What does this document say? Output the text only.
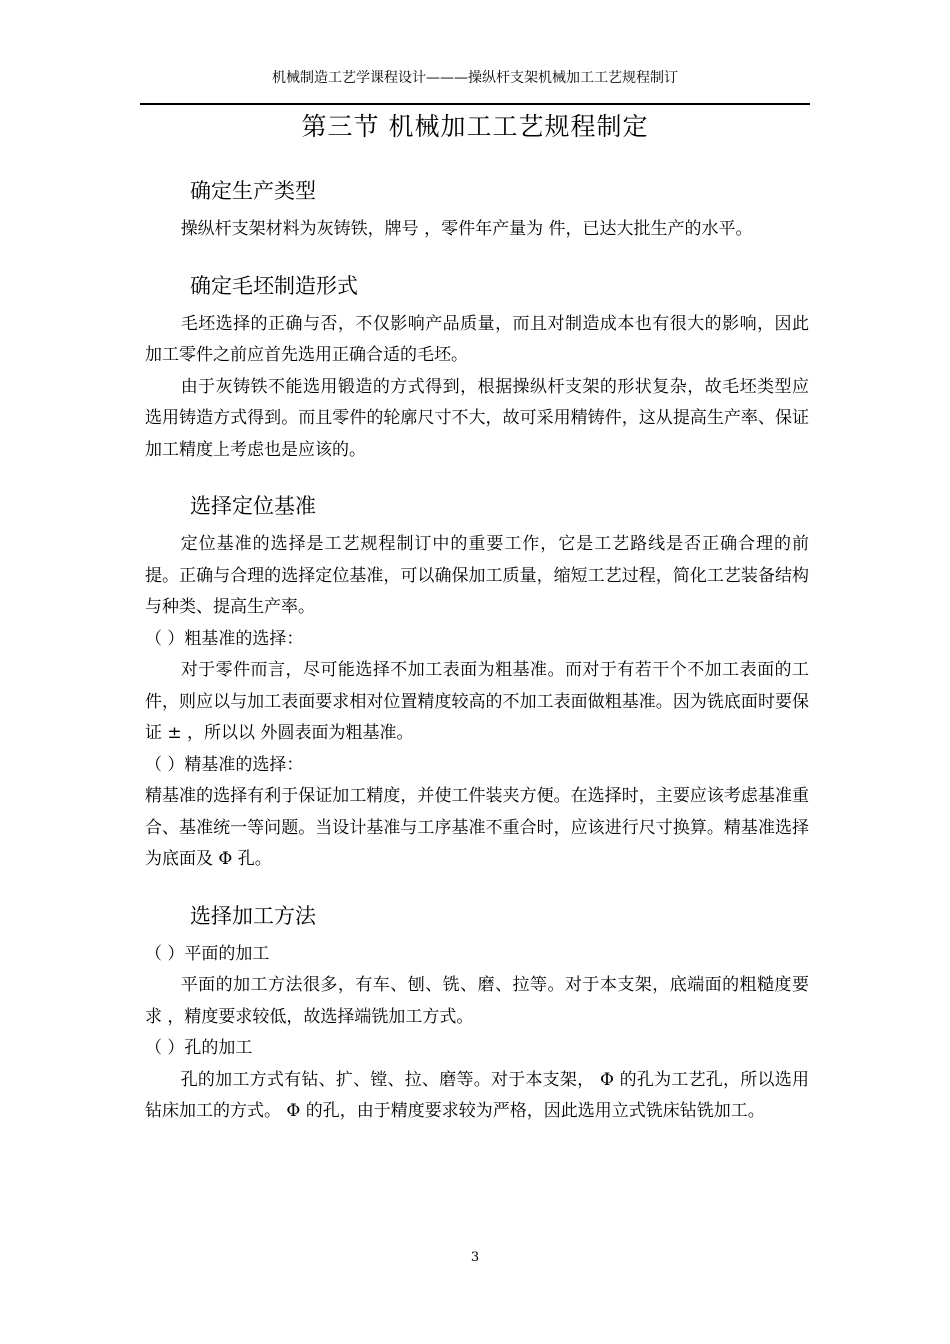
机械制造工艺学课程设计———操纵杆支架机械加工工艺规程制订
第三节 机械加工工艺规程制定
确定生产类型

操纵杆支架材料为灰铸铁，牌号 ，零件年产量为 件，已达大批生产的水平。

确定毛坯制造形式

毛坯选择的正确与否，不仅影响产品质量，而且对制造成本也有很大的影响，因此加工零件之前应首先选用正确合适的毛坯。

由于灰铸铁不能选用锻造的方式得到，根据操纵杆支架的形状复杂，故毛坯类型应选用铸造方式得到。而且零件的轮廓尺寸不大，故可采用精铸件，这从提高生产率、保证加工精度上考虑也是应该的。

选择定位基准

定位基准的选择是工艺规程制订中的重要工作，它是工艺路线是否正确合理的前提。正确与合理的选择定位基准，可以确保加工质量，缩短工艺过程，简化工艺装备结构与种类、提高生产率。

（ ）粗基准的选择：

对于零件而言，尽可能选择不加工表面为粗基准。而对于有若干个不加工表面的工件，则应以与加工表面要求相对位置精度较高的不加工表面做粗基准。因为铣底面时要保证 ± ，所以以 外圆表面为粗基准。

（ ）精基准的选择：

精基准的选择有利于保证加工精度，并使工件装夹方便。在选择时，主要应该考虑基准重合、基准统一等问题。当设计基准与工序基准不重合时，应该进行尺寸换算。精基准选择为底面及 Φ 孔。

选择加工方法

（ ）平面的加工

平面的加工方法很多，有车、刨、铣、磨、拉等。对于本支架，底端面的粗糙度要求 ，精度要求较低，故选择端铣加工方式。

（ ）孔的加工

孔的加工方式有钻、扩、镗、拉、磨等。对于本支架， Φ 的孔为工艺孔，所以选用钻床加工的方式。 Φ 的孔，由于精度要求较为严格，因此选用立式铣床钻铣加工。

3
